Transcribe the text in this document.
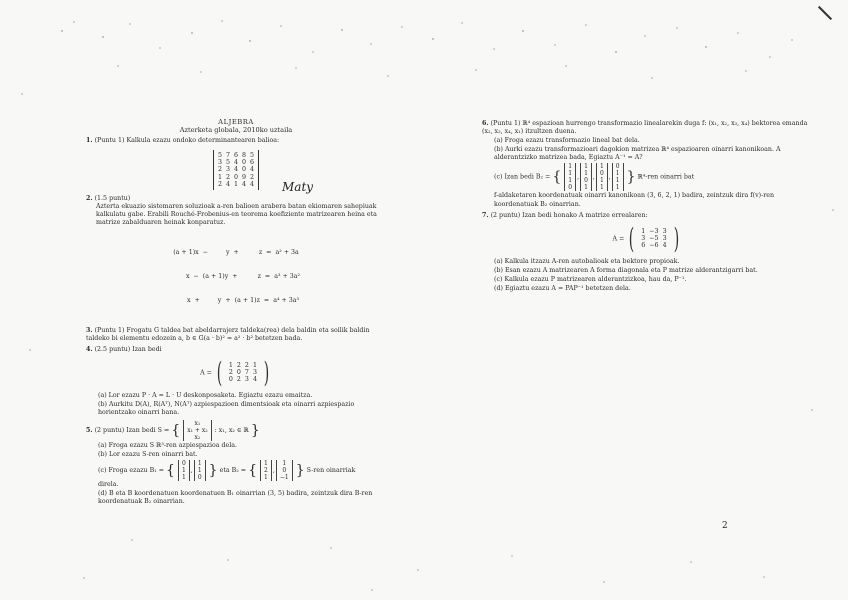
ALJEBRA
Azterketa globala, 2010ko uztaila
1. (Puntu 1) Kalkula ezazu ondoko determinantearen balioa:
5	7	6	8	5
3	5	4	0	6
2	3	4	0	4
1	2	0	9	2
2	4	1	4	4
2. (1.5 puntu)

Azterta ekuazio sistemaren soluzioak a-ren balioen arabera batan ekiomaren sahepiuak kalkulatu gabe. Erabili Rouché-Frobenius-en teorema koefiziente matrizearen heina eta matrize zabalduaren heinak konparatuz.

(a + 1)x  −         y  +          z  =  a² + 3a

x  −  (a + 1)y  +          z  =  a³ + 3a²

x  +         y  +  (a + 1)z  =  a⁴ + 3a³

3. (Puntu 1) Frogatu G taldea bat abeldarrajerz taldeka(rea) dela baldin eta soilik baldin taldeko bi elementu edozein a, b ∈ G(a · b)² = a² · b² betetzen bada.
4. (2.5 puntu) Izan bedi
A = ( 1	2	2	1
2	0	7	3
0	2	3	4 )
(a) Lor ezazu P · A = L · U deskonposaketa. Egiaztu ezazu emaitza.
(b) Aurkitu D(A), R(Aᵀ), N(Aᵀ) azpiespazioen dimentsioak eta oinarri azpiespazio horientzako oinarri bana.
5. (2 puntu) Izan bedi S = { x₁
x₁ + x₂
x₂
: x₁, x₂ ∈ ℝ }
(a) Froga ezazu S ℝ³-ren azpiespazioa dela.
(b) Lor ezazu S-ren oinarri bat.
(c) Froga ezazu B₁ = { 0
1
1
,
1
1
0 } eta B₂ = { 1
2
1
,
1
0
−1 } S-ren oinarriak
direla.
(d) B eta B koordenatuen koordenatuen B₁ oinarrian (3, 5) badira, zeintzuk dira B-ren koordenatuak B₂ oinarrian.
Maty
6. (Puntu 1) ℝ⁴ espazioan hurrengo transformazio linealarekin duga f: (x₁, x₂, x₃, x₄) bektorea emanda (x₂, x₃, x₄, x₁) itzultzen duena.
(a) Froga ezazu transformazio lineal bat dela.
(b) Aurki ezazu transformazioari dagokion matrizea ℝ⁴ espazioaren oinarri kanonikoan. A alderantzizko matrizea bada, Egiaztu A⁻¹ = A?
(c) Izan bedi B₂ = {
1
1
1
0
,
1
1
0
1
,
1
0
1
1
,
0
1
1
1
} ℝ⁴-ren oinarri bat
f-aldaketaren koordenatuak oinarri kanonikoan (3, 6, 2, 1) badira, zeintzuk dira f(v)-ren koordenatuak B₂ oinarrian.
7. (2 puntu) Izan bedi honako A matrize errealaren:
A = ( 1	−3	3
3	−5	3
6	−6	4 )
(a) Kalkula itzazu A-ren autobalioak eta bektore propioak.
(b) Esan ezazu A matrizearen A forma diagonala eta P matrize alderantzigarri bat.
(c) Kalkula ezazu P matrizearen alderantzizkoa, hau da, P⁻¹.
(d) Egiaztu ezazu A = PAP⁻¹ betetzen dela.
2
